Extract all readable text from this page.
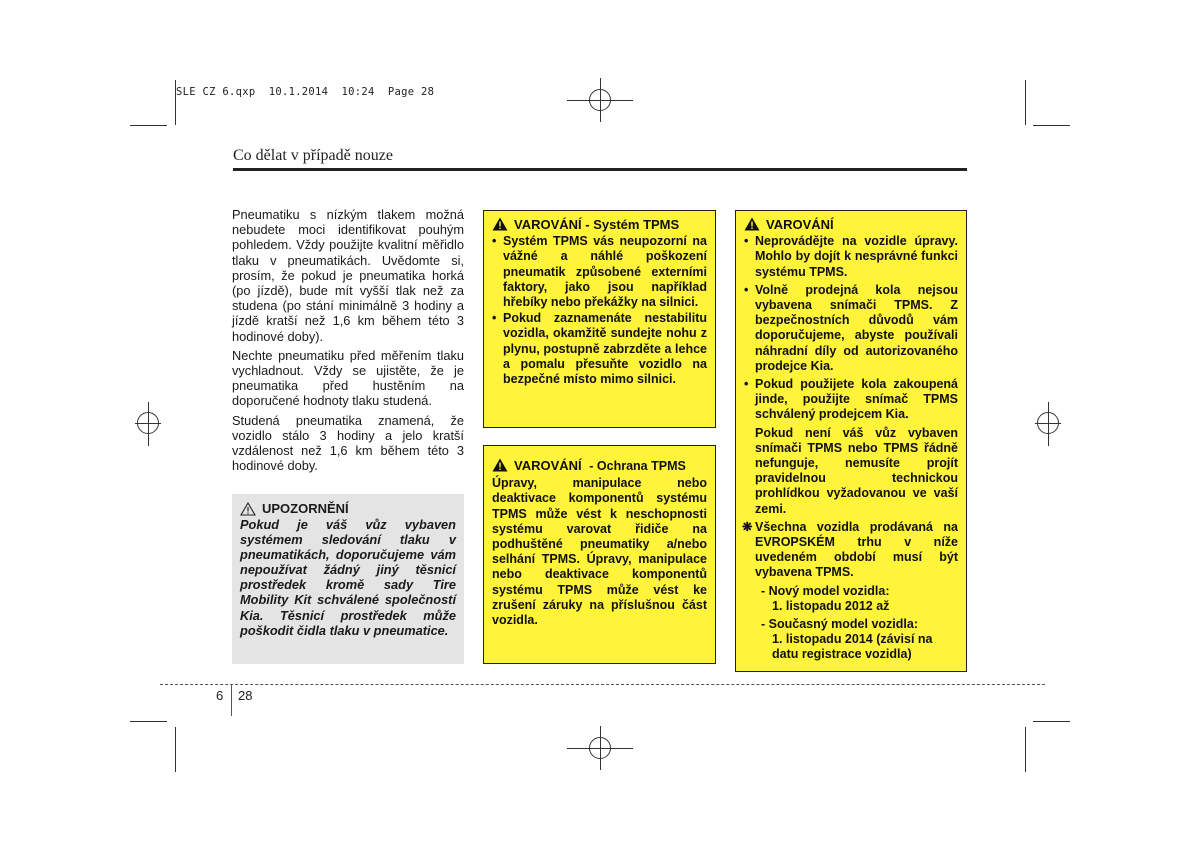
SLE CZ 6.qxp  10.1.2014  10:24  Page 28
Co dělat v případě nouze

Pneumatiku s nízkým tlakem možná nebudete moci identifikovat pouhým pohledem. Vždy použijte kvalitní měřidlo tlaku v pneumatikách. Uvědomte si, prosím, že pokud je pneumatika horká (po jízdě), bude mít vyšší tlak než za studena (po stání minimálně 3 hodiny a jízdě kratší než 1,6 km během této 3 hodinové doby).

Nechte pneumatiku před měřením tlaku vychladnout. Vždy se ujistěte, že je pneumatika před hustěním na doporučené hodnoty tlaku studená.

Studená pneumatika znamená, že vozidlo stálo 3 hodiny a jelo kratší vzdálenost než 1,6 km během této 3 hodinové doby.

UPOZORNĚNÍ
Pokud je váš vůz vybaven systémem sledování tlaku v pneumatikách, doporučujeme vám nepoužívat žádný jiný těsnicí prostředek kromě sady Tire Mobility Kit schválené společností Kia. Těsnicí prostředek může poškodit čidla tlaku v pneumatice.
VAROVÁNÍ - Systém TPMS
• Systém TPMS vás neupozorní na vážné a náhlé poškození pneumatik způsobené externími faktory, jako jsou například hřebíky nebo překážky na silnici.
• Pokud zaznamenáte nestabilitu vozidla, okamžitě sundejte nohu z plynu, postupně zabrzděte a lehce a pomalu přesuňte vozidlo na bezpečné místo mimo silnici.
VAROVÁNÍ - Ochrana TPMS

Úpravy, manipulace nebo deaktivace komponentů systému TPMS může vést k neschopnosti systému varovat řidiče na podhuštěné pneumatiky a/nebo selhání TPMS. Úpravy, manipulace nebo deaktivace komponentů systému TPMS může vést ke zrušení záruky na příslušnou část vozidla.

VAROVÁNÍ
• Neprovádějte na vozidle úpravy. Mohlo by dojít k nesprávné funkci systému TPMS.
• Volně prodejná kola nejsou vybavena snímači TPMS. Z bezpečnostních důvodů vám doporučujeme, abyste používali náhradní díly od autorizovaného prodejce Kia.
• Pokud použijete kola zakoupená jinde, použijte snímač TPMS schválený prodejcem Kia.

Pokud není váš vůz vybaven snímači TPMS nebo TPMS řádně nefunguje, nemusíte projít pravidelnou technickou prohlídkou vyžadovanou ve vaší zemi.

❋ Všechna vozidla prodávaná na EVROPSKÉM trhu v níže uvedeném období musí být vybavena TPMS.
- Nový model vozidla:
1. listopadu 2012 až
- Současný model vozidla:
1. listopadu 2014 (závisí na datu registrace vozidla)
6 28
